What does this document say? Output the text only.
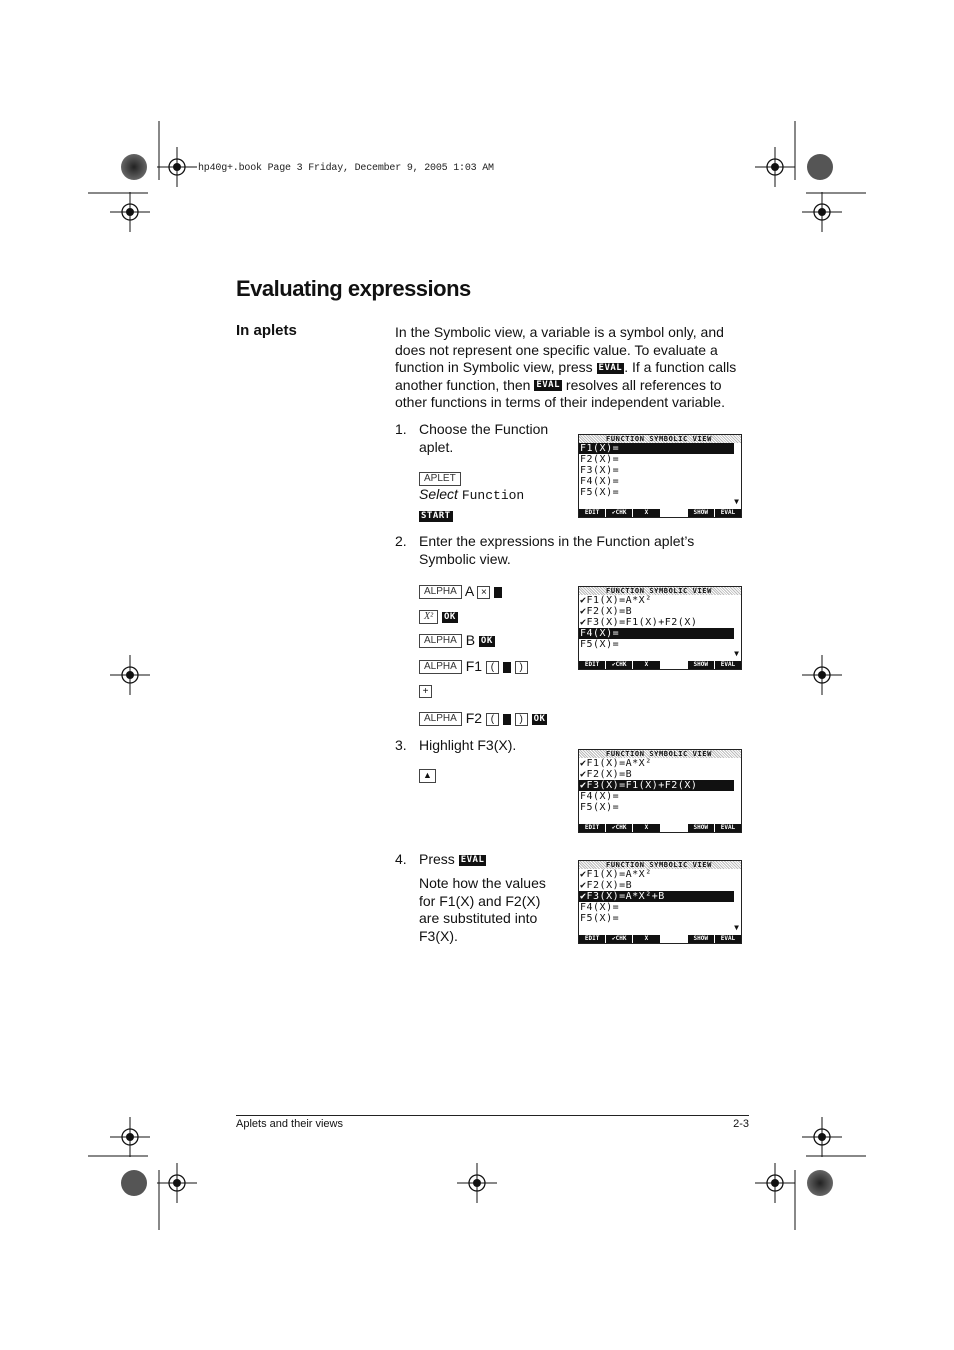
hp40g+.book Page 3 Friday, December 9, 2005 1:03 AM
Evaluating expressions
In aplets	In the Symbolic view, a variable is a symbol only, and does not represent one specific value. To evaluate a function in Symbolic view, press EVAL . If a function calls another function, then EVAL resolves all references to other functions in terms of their independent variable.
1. Choose the Function aplet.
APLET
Select Function
START
2. Enter the expressions in the Function aplet’s Symbolic view.
ALPHA A ×
X² OK
ALPHA B OK
ALPHA F1 (	)
+
ALPHA F2 (	) OK
3. Highlight F3(X).
▲
4. Press EVAL
Note how the values for F1(X) and F2(X) are substituted into F3(X).
FUNCTION SYMBOLIC VIEW
F1(X)=
F2(X)=
F3(X)=
F4(X)=
F5(X)=
▼
EDIT	✔CHK	X	SHOW	EVAL
FUNCTION SYMBOLIC VIEW
✔F1(X)=A*X²
✔F2(X)=B
✔F3(X)=F1(X)+F2(X)
F4(X)=
F5(X)=
▼
EDIT	✔CHK	X	SHOW	EVAL
FUNCTION SYMBOLIC VIEW
✔F1(X)=A*X²
✔F2(X)=B
✔F3(X)=F1(X)+F2(X)
F4(X)=
F5(X)=
EDIT	✔CHK	X	SHOW	EVAL
FUNCTION SYMBOLIC VIEW
✔F1(X)=A*X²
✔F2(X)=B
✔F3(X)=A*X²+B
F4(X)=
F5(X)=
▼
EDIT	✔CHK	X	SHOW	EVAL
Aplets and their views	2-3
